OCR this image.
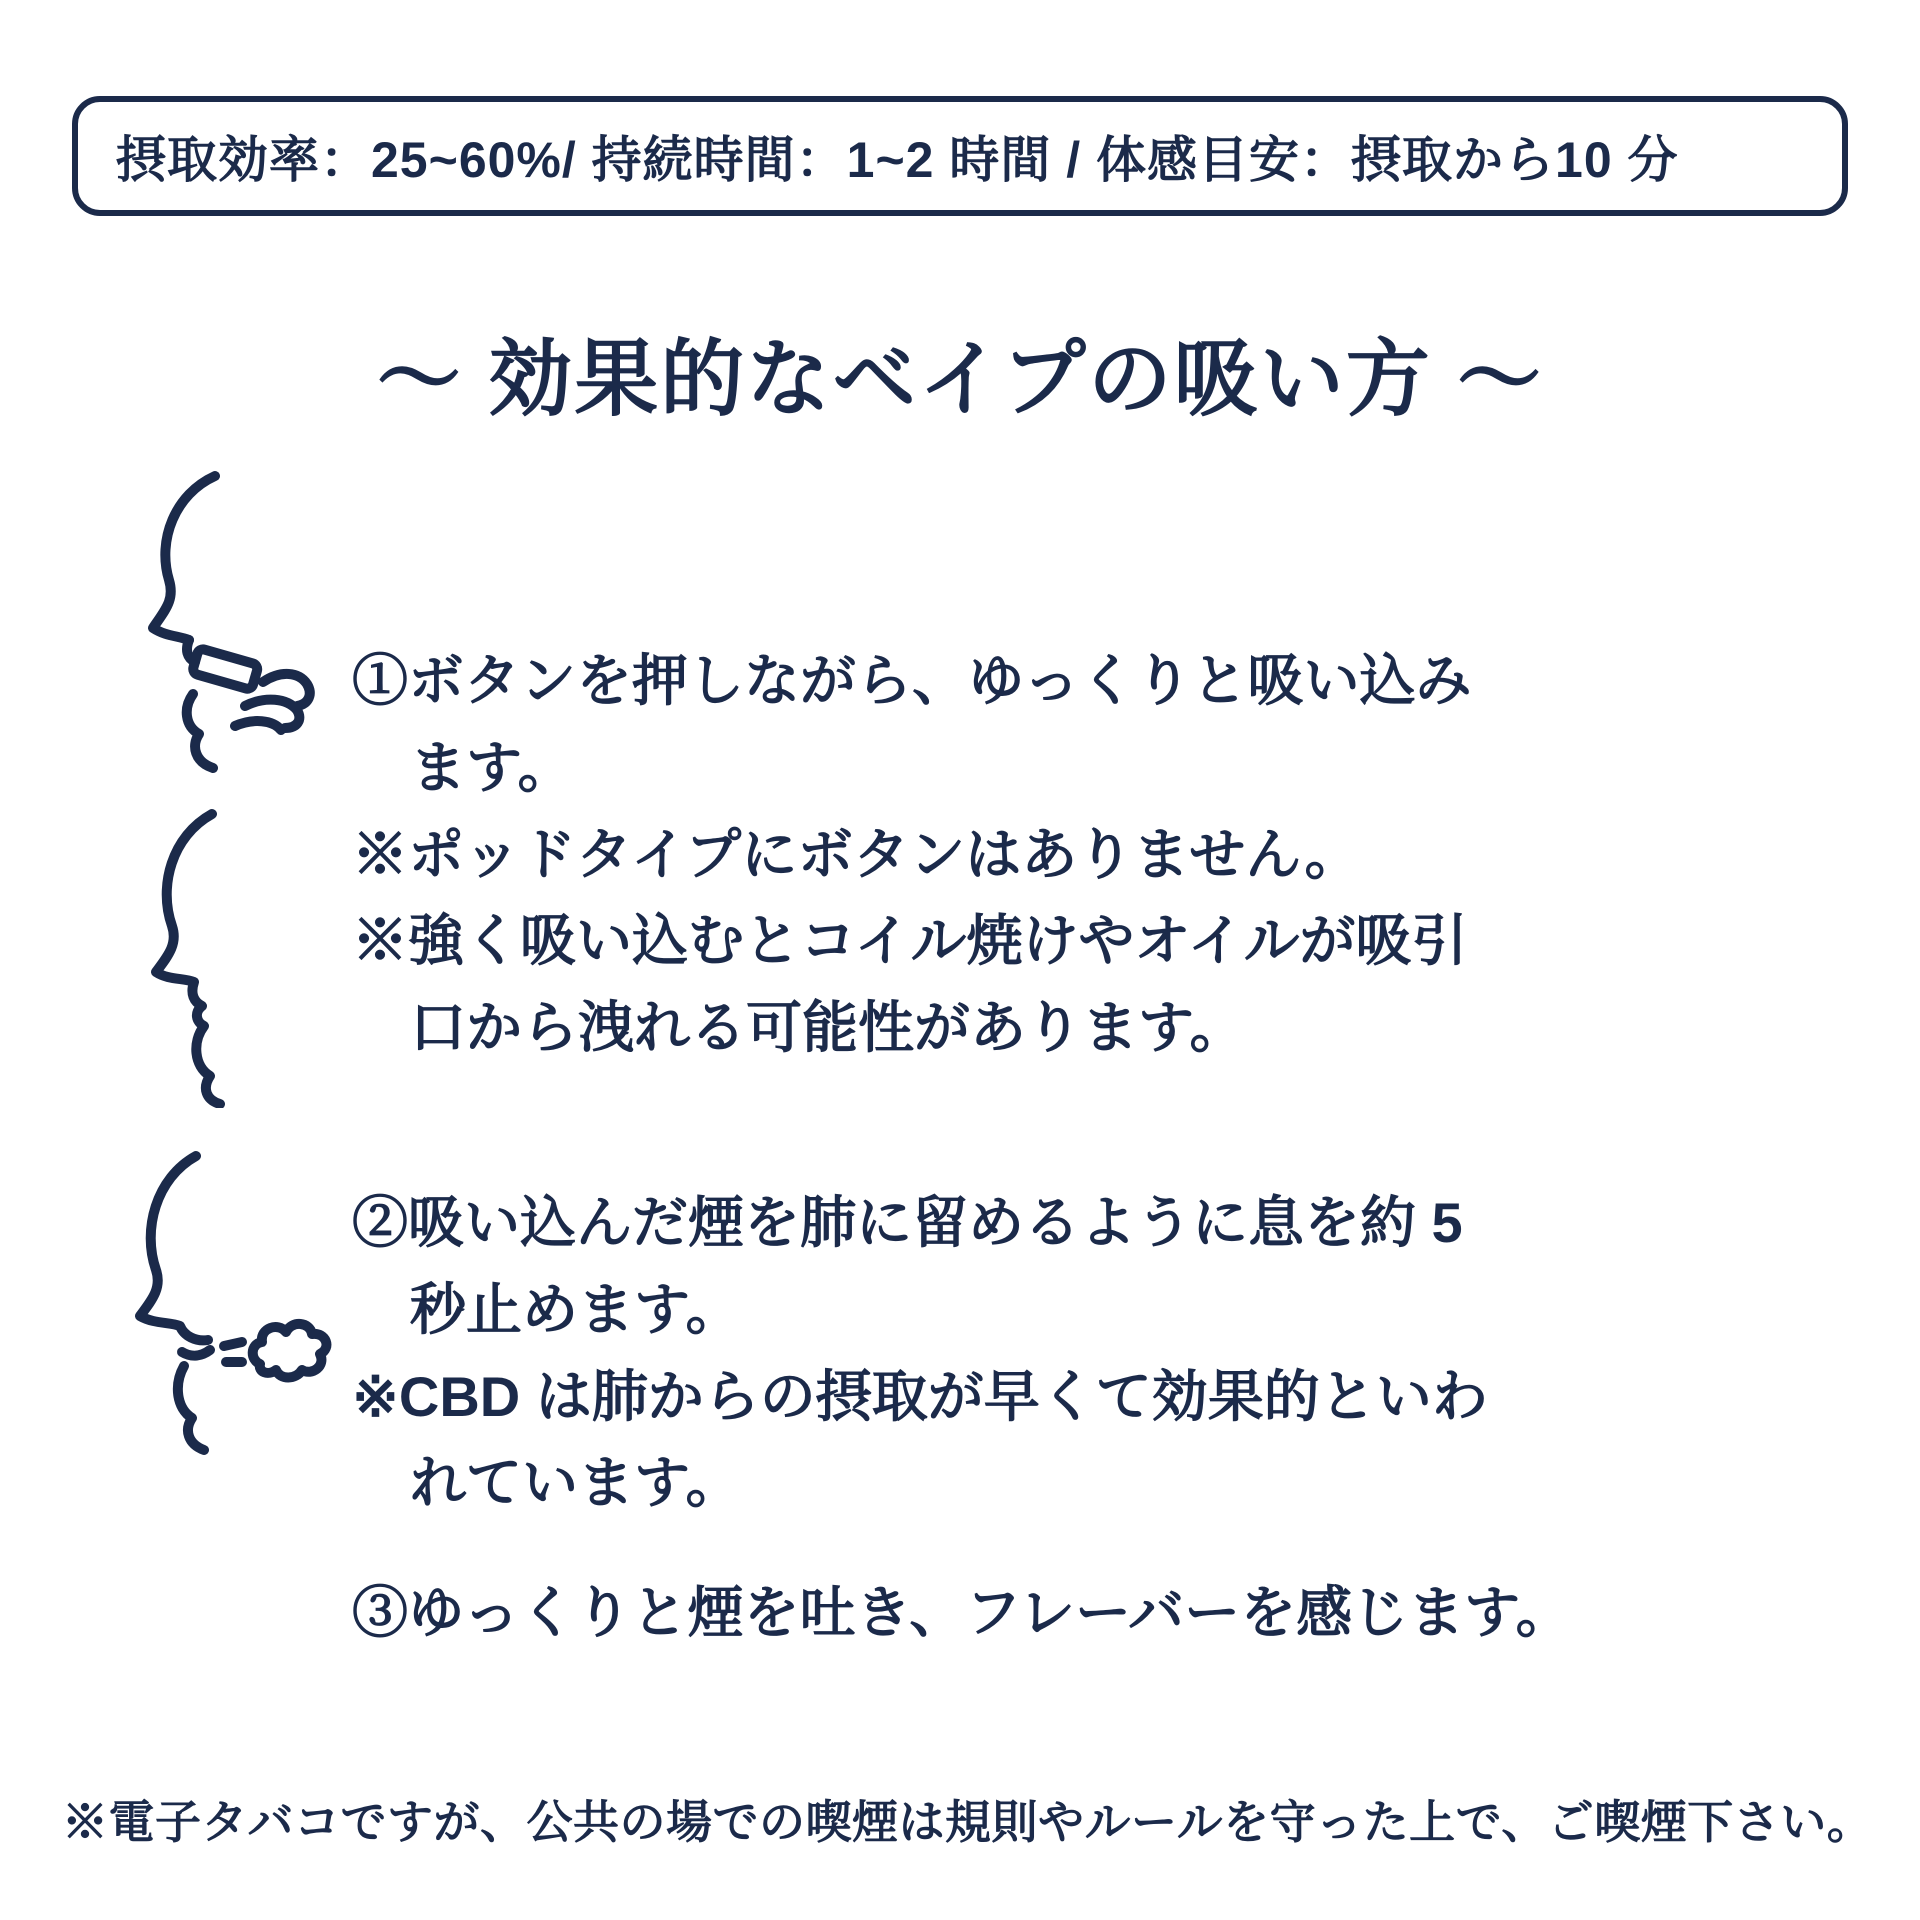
摂取効率：25~60%/ 持続時間：1~2 時間 / 体感目安：摂取から10 分
～ 効果的なベイプの吸い方 ～
①ボタンを押しながら、ゆっくりと吸い込み
ます。
※ポッドタイプにボタンはありません。
※強く吸い込むとコイル焼けやオイルが吸引
口から洩れる可能性があります。
②吸い込んだ煙を肺に留めるように息を約 5
秒止めます。
※CBD は肺からの摂取が早くて効果的といわ
れています。
③ゆっくりと煙を吐き、フレーバーを感じます。
※電子タバコですが、公共の場での喫煙は規則やルールを守った上で、ご喫煙下さい。
